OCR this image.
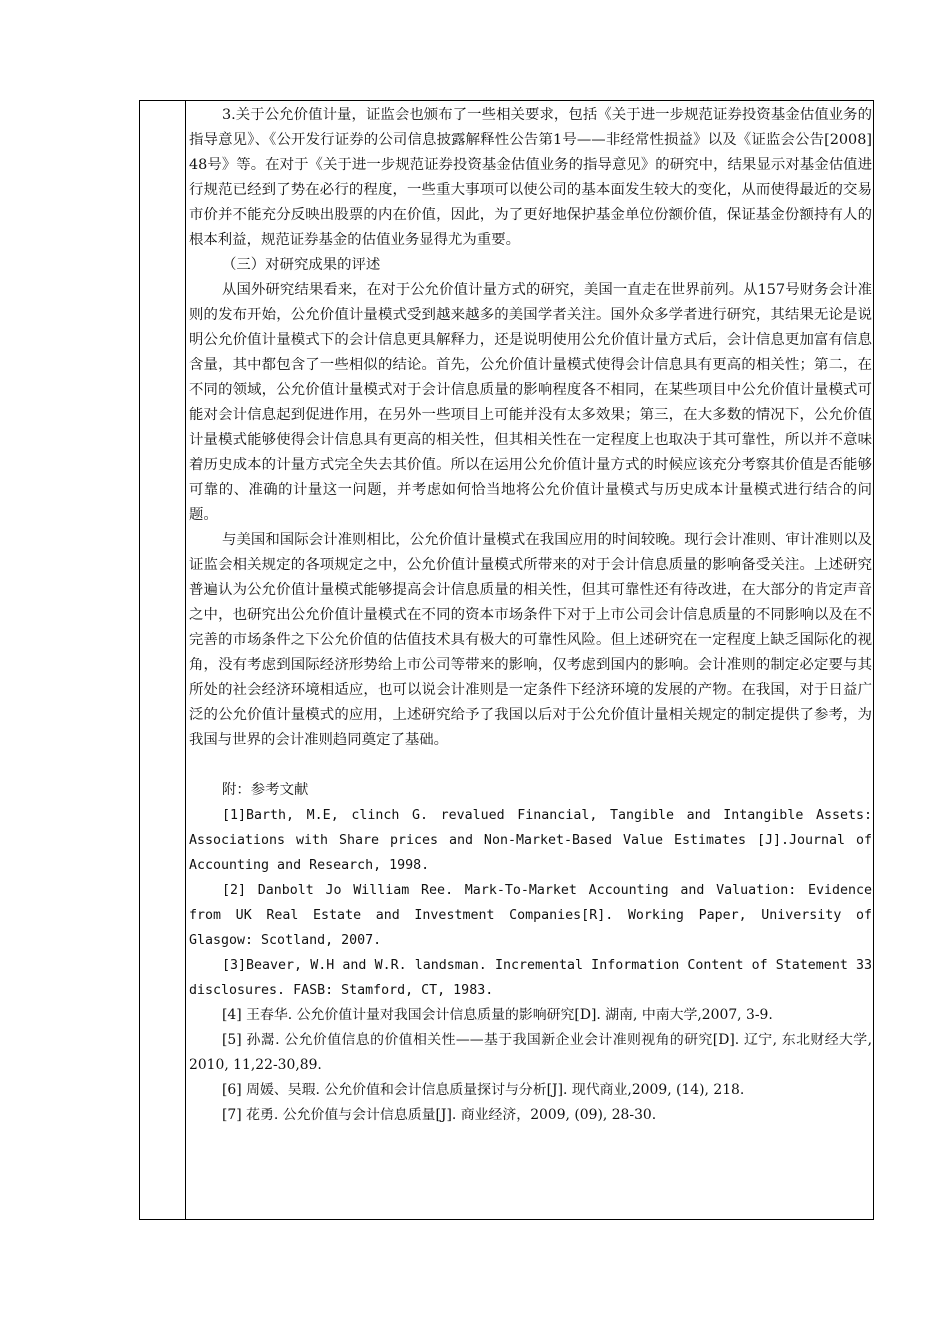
3.关于公允价值计量，证监会也颁布了一些相关要求，包括《关于进一步规范证券投资基金估值业务的指导意见》、《公开发行证券的公司信息披露解释性公告第1号——非经常性损益》以及《证监会公告[2008]48号》等。在对于《关于进一步规范证券投资基金估值业务的指导意见》的研究中，结果显示对基金估值进行规范已经到了势在必行的程度，一些重大事项可以使公司的基本面发生较大的变化，从而使得最近的交易市价并不能充分反映出股票的内在价值，因此，为了更好地保护基金单位份额价值，保证基金份额持有人的根本利益，规范证券基金的估值业务显得尤为重要。

（三）对研究成果的评述

从国外研究结果看来，在对于公允价值计量方式的研究，美国一直走在世界前列。从157号财务会计准则的发布开始，公允价值计量模式受到越来越多的美国学者关注。国外众多学者进行研究，其结果无论是说明公允价值计量模式下的会计信息更具解释力，还是说明使用公允价值计量方式后，会计信息更加富有信息含量，其中都包含了一些相似的结论。首先，公允价值计量模式使得会计信息具有更高的相关性；第二，在不同的领域，公允价值计量模式对于会计信息质量的影响程度各不相同，在某些项目中公允价值计量模式可能对会计信息起到促进作用，在另外一些项目上可能并没有太多效果；第三，在大多数的情况下，公允价值计量模式能够使得会计信息具有更高的相关性，但其相关性在一定程度上也取决于其可靠性，所以并不意味着历史成本的计量方式完全失去其价值。所以在运用公允价值计量方式的时候应该充分考察其价值是否能够可靠的、准确的计量这一问题，并考虑如何恰当地将公允价值计量模式与历史成本计量模式进行结合的问题。

与美国和国际会计准则相比，公允价值计量模式在我国应用的时间较晚。现行会计准则、审计准则以及证监会相关规定的各项规定之中，公允价值计量模式所带来的对于会计信息质量的影响备受关注。上述研究普遍认为公允价值计量模式能够提高会计信息质量的相关性，但其可靠性还有待改进，在大部分的肯定声音之中，也研究出公允价值计量模式在不同的资本市场条件下对于上市公司会计信息质量的不同影响以及在不完善的市场条件之下公允价值的估值技术具有极大的可靠性风险。但上述研究在一定程度上缺乏国际化的视角，没有考虑到国际经济形势给上市公司等带来的影响，仅考虑到国内的影响。会计准则的制定必定要与其所处的社会经济环境相适应，也可以说会计准则是一定条件下经济环境的发展的产物。在我国，对于日益广泛的公允价值计量模式的应用，上述研究给予了我国以后对于公允价值计量相关规定的制定提供了参考，为我国与世界的会计准则趋同奠定了基础。

附：参考文献

[1]Barth, M.E, clinch G. revalued Financial, Tangible and Intangible Assets: Associations with Share prices and Non-Market-Based Value Estimates [J].Journal of Accounting and Research, 1998.

[2] Danbolt Jo William Ree. Mark-To-Market Accounting and Valuation: Evidence from UK Real Estate and Investment Companies[R]. Working Paper, University of Glasgow: Scotland, 2007.

[3]Beaver, W.H and W.R. landsman. Incremental Information Content of Statement 33 disclosures. FASB: Stamford, CT, 1983.

[4] 王春华. 公允价值计量对我国会计信息质量的影响研究[D]. 湖南, 中南大学,2007, 3-9.

[5] 孙翯. 公允价值信息的价值相关性——基于我国新企业会计准则视角的研究[D]. 辽宁, 东北财经大学, 2010, 11,22-30,89.

[6] 周媛、吴瑕. 公允价值和会计信息质量探讨与分析[J]. 现代商业,2009, (14), 218.

[7] 花勇. 公允价值与会计信息质量[J]. 商业经济，2009, (09), 28-30.
